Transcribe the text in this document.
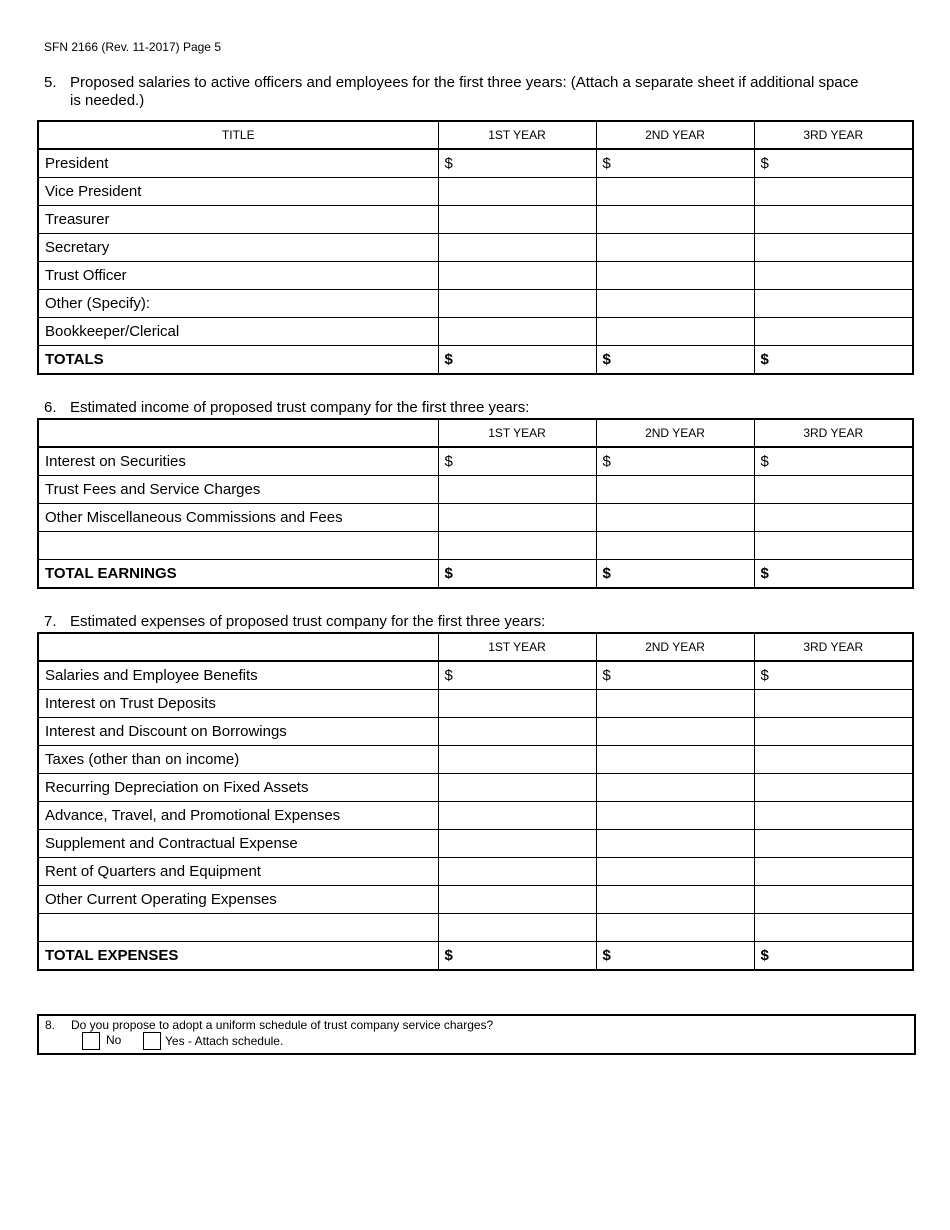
SFN 2166 (Rev. 11-2017) Page 5
5. Proposed salaries to active officers and employees for the first three years: (Attach a separate sheet if additional space is needed.)
TITLE	1ST YEAR	2ND YEAR	3RD YEAR
President	$	$	$
Vice President			
Treasurer			
Secretary			
Trust Officer			
Other (Specify):			
Bookkeeper/Clerical			
TOTALS	$	$	$
6. Estimated income of proposed trust company for the first three years:
	1ST YEAR	2ND YEAR	3RD YEAR
Interest on Securities	$	$	$
Trust Fees and Service Charges			
Other Miscellaneous Commissions and Fees			

TOTAL EARNINGS	$	$	$
7. Estimated expenses of proposed trust company for the first three years:
	1ST YEAR	2ND YEAR	3RD YEAR
Salaries and Employee Benefits	$	$	$
Interest on Trust Deposits			
Interest and Discount on Borrowings			
Taxes (other than on income)			
Recurring Depreciation on Fixed Assets			
Advance, Travel, and Promotional Expenses			
Supplement and Contractual Expense			
Rent of Quarters and Equipment			
Other Current Operating Expenses			

TOTAL EXPENSES	$	$	$
8. Do you propose to adopt a uniform schedule of trust company service charges?
No	Yes - Attach schedule.
